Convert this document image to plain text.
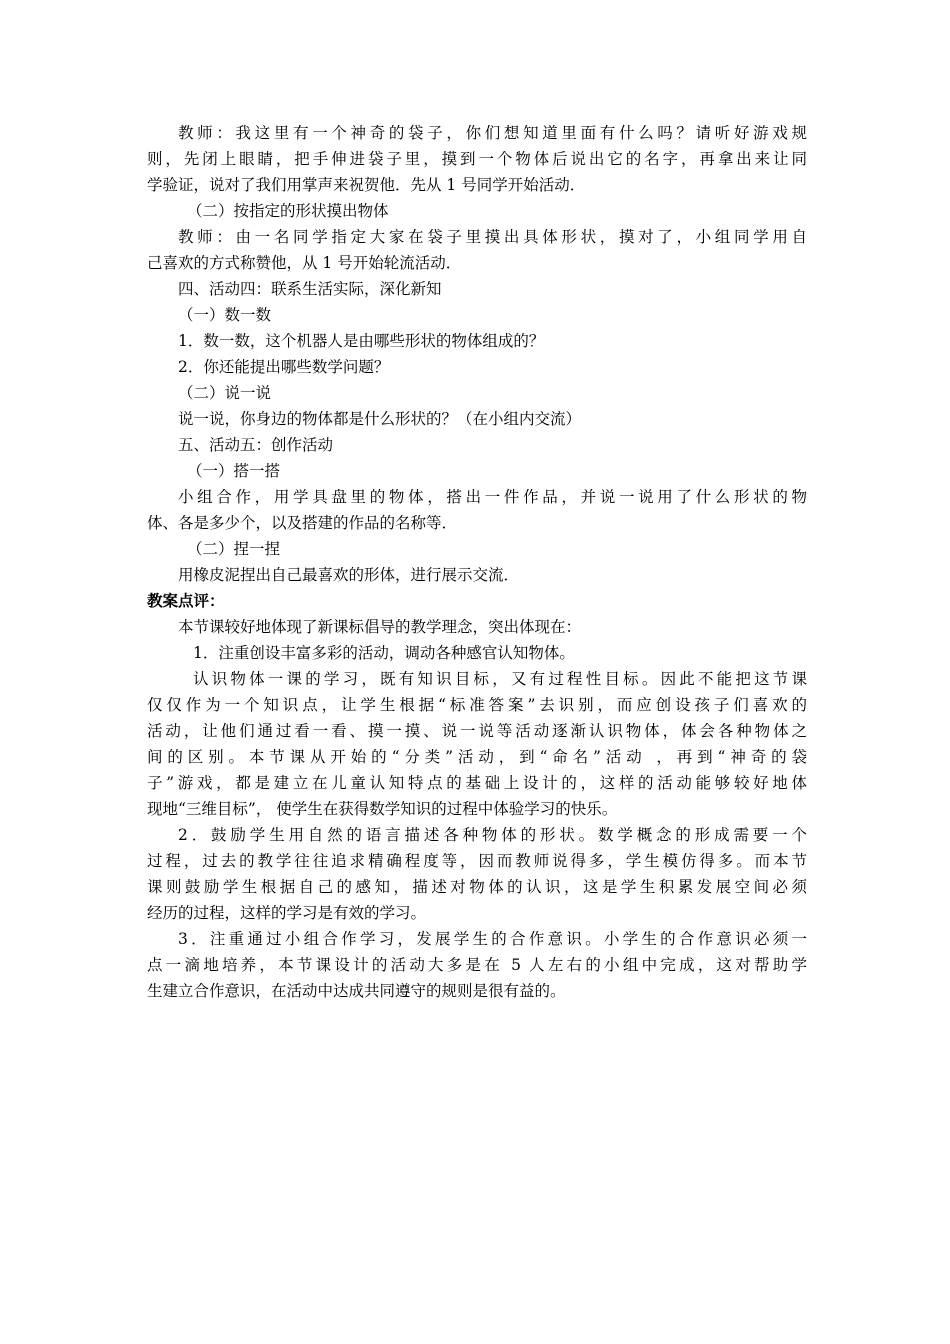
教师：我这里有一个神奇的袋子，你们想知道里面有什么吗？请听好游戏规
则，先闭上眼睛，把手伸进袋子里，摸到一个物体后说出它的名字，再拿出来让同
学验证，说对了我们用掌声来祝贺他．先从 1 号同学开始活动．
（二）按指定的形状摸出物体
教师：由一名同学指定大家在袋子里摸出具体形状，摸对了，小组同学用自
己喜欢的方式称赞他，从 1 号开始轮流活动．
四、活动四：联系生活实际，深化新知
（一）数一数
1．数一数，这个机器人是由哪些形状的物体组成的？
2．你还能提出哪些数学问题？
（二）说一说
说一说，你身边的物体都是什么形状的？（在小组内交流）
五、活动五：创作活动
（一）搭一搭
小组合作，用学具盘里的物体，搭出一件作品，并说一说用了什么形状的物
体、各是多少个，以及搭建的作品的名称等．
（二）捏一捏
用橡皮泥捏出自己最喜欢的形体，进行展示交流．
教案点评：
本节课较好地体现了新课标倡导的教学理念，突出体现在：
1．注重创设丰富多彩的活动，调动各种感官认知物体。
认识物体一课的学习，既有知识目标，又有过程性目标。因此不能把这节课
仅仅作为一个知识点，让学生根据“标准答案”去识别，而应创设孩子们喜欢的
活动，让他们通过看一看、摸一摸、说一说等活动逐渐认识物体，体会各种物体之
间的区别。本节课从开始的“分类”活动，到“命名”活动 ，再到“神奇的袋
子”游戏，都是建立在儿童认知特点的基础上设计的，这样的活动能够较好地体
现地“三维目标”， 使学生在获得数学知识的过程中体验学习的快乐。
2．鼓励学生用自然的语言描述各种物体的形状。数学概念的形成需要一个
过程，过去的教学往往追求精确程度等，因而教师说得多，学生模仿得多。而本节
课则鼓励学生根据自己的感知，描述对物体的认识，这是学生积累发展空间必须
经历的过程，这样的学习是有效的学习。
3．注重通过小组合作学习，发展学生的合作意识。小学生的合作意识必须一
点一滴地培养，本节课设计的活动大多是在 5 人左右的小组中完成，这对帮助学
生建立合作意识，在活动中达成共同遵守的规则是很有益的。
